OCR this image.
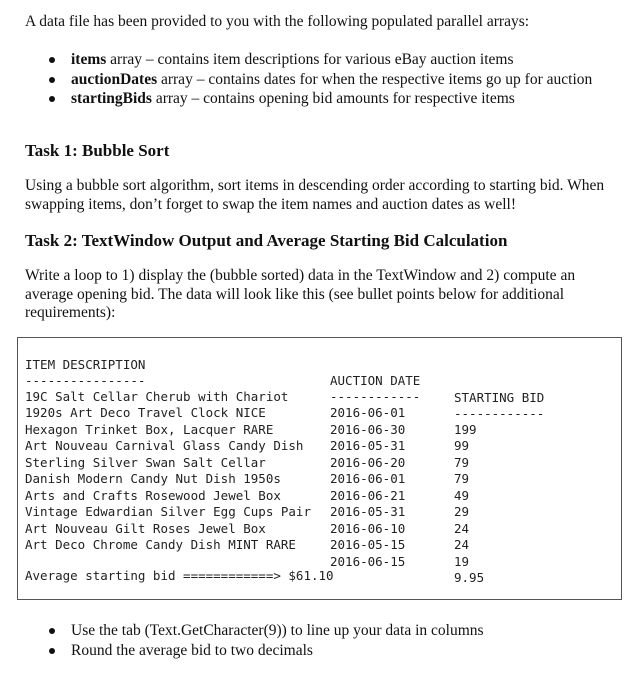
A data file has been provided to you with the following populated parallel arrays:

items array – contains item descriptions for various eBay auction items
auctionDates array – contains dates for when the respective items go up for auction
startingBids array – contains opening bid amounts for respective items
Task 1: Bubble Sort

Using a bubble sort algorithm, sort items in descending order according to starting bid. When swapping items, don’t forget to swap the item names and auction dates as well!

Task 2: TextWindow Output and Average Starting Bid Calculation

Write a loop to 1) display the (bubble sorted) data in the TextWindow and 2) compute an average opening bid. The data will look like this (see bullet points below for additional requirements):

ITEM DESCRIPTION

AUCTION DATE

STARTING BID

----------------

------------

------------

19C Salt Cellar Cherub with Chariot

2016-06-01

199

1920s Art Deco Travel Clock NICE

2016-06-30

99

Hexagon Trinket Box, Lacquer RARE

2016-05-31

79

Art Nouveau Carnival Glass Candy Dish

2016-06-20

79

Sterling Silver Swan Salt Cellar

2016-06-01

49

Danish Modern Candy Nut Dish 1950s

2016-06-21

29

Arts and Crafts Rosewood Jewel Box

2016-05-31

24

Vintage Edwardian Silver Egg Cups Pair

2016-06-10

24

Art Nouveau Gilt Roses Jewel Box

2016-05-15

19

Art Deco Chrome Candy Dish MINT RARE

2016-06-15

9.95

Average starting bid ============> $61.10
Use the tab (Text.GetCharacter(9)) to line up your data in columns
Round the average bid to two decimals
